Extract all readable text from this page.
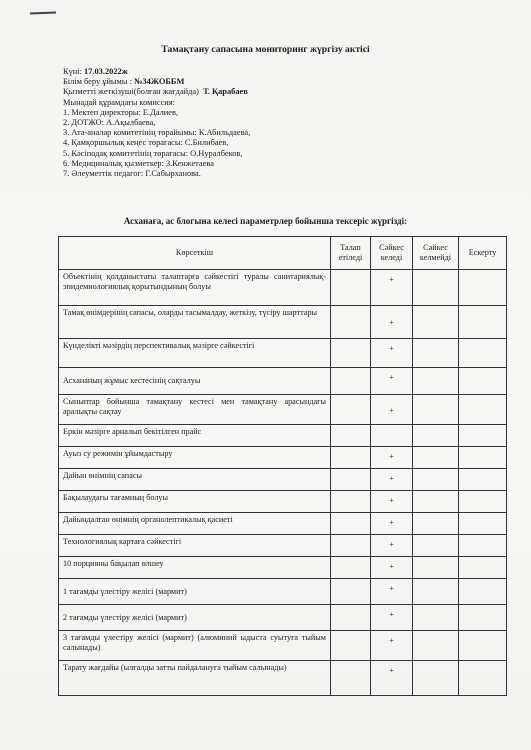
Тамақтану сапасына мониторинг жүргізу актісі
Күні: 17.03.2022ж
Білім беру ұйымы : №34ЖОББМ
Қызметті жеткізуші(болған жағдайда) Т. Қарабаев
Мынадай құрамдағы комиссия:
1. Мектеп директоры: Е.Далиев,
2. ДОТЖО: А.Ақылбаева,
3. Ата-аналар комитетінің төрайымы: К.Абильдаева,
4. Қамқоршылық кеңес төрағасы: С.Билибаев,
5. Кәсіподақ комитетінің төрағасы: О.Нуралбеков,
6. Медициналық қызметкер: З.Кенжетаева
7. Әлеуметтік педагог: Г.Сабырханова.
Асханаға, ас блогына келесі параметрлер бойынша тексеріс жүргізді:
Көрсеткіш	Талап етіледі	Сәйкес келеді	Сәйкес келмейді	Ескерту
Объектінің қолданыстағы талаптарға сәйкестігі туралы санитариялық-эпидемиологиялық қорытындының болуы		+		
Тамақ өнімдерінің сапасы, оларды тасымалдау, жеткізу, түсіру шарттары		+		
Күнделікті мәзірдің перспективалық мәзірге сәйкестігі		+		
Асхананың жұмыс кестесінің сақталуы		+		
Сыныптар бойынша тамақтану кестесі мен тамақтану арасындағы аралықты сақтау		+		
Еркін мәзірге арналып бекітілген прайс				
Ауыз су режимін ұйымдастыру		+		
Дайын өнімнің сапасы		+		
Бақылаудағы тағамның болуы		+		
Дайындалған өнімнің органолептикалық қасиеті		+		
Технологиялық картаға сәйкестігі		+		
10 порцияны бақылап өлшеу		+		
1 тағамды үлестіру желісі (мармит)		+		
2 тағамды үлестіру желісі (мармит)		+		
3 тағамды үлестіру желісі (мармит) (алюминий ыдыста суытуға тыйым салынады)		+		
Тарату жағдайы (ылғалды затты пайдалануға тыйым салынады)		+		
